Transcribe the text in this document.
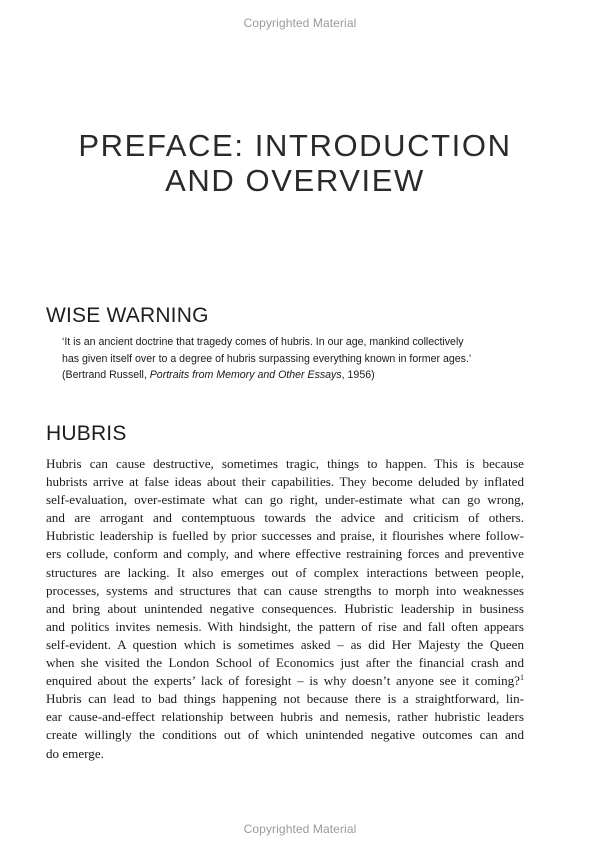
Copyrighted Material
PREFACE: INTRODUCTION
AND OVERVIEW
WISE WARNING

‘It is an ancient doctrine that tragedy comes of hubris. In our age, mankind collectively

has given itself over to a degree of hubris surpassing everything known in former ages.’

(Bertrand Russell, Portraits from Memory and Other Essays, 1956)

HUBRIS
Hubris can cause destructive, sometimes tragic, things to happen. This is because
hubrists arrive at false ideas about their capabilities. They become deluded by inflated
self-evaluation, over-estimate what can go right, under-estimate what can go wrong,
and are arrogant and contemptuous towards the advice and criticism of others.
Hubristic leadership is fuelled by prior successes and praise, it flourishes where follow-
ers collude, conform and comply, and where effective restraining forces and preventive
structures are lacking. It also emerges out of complex interactions between people,
processes, systems and structures that can cause strengths to morph into weaknesses
and bring about unintended negative consequences. Hubristic leadership in business
and politics invites nemesis. With hindsight, the pattern of rise and fall often appears
self-evident. A question which is sometimes asked – as did Her Majesty the Queen
when she visited the London School of Economics just after the financial crash and
enquired about the experts’ lack of foresight – is why doesn’t anyone see it coming?$^1$
Hubris can lead to bad things happening not because there is a straightforward, lin-
ear cause-and-effect relationship between hubris and nemesis, rather hubristic leaders
create willingly the conditions out of which unintended negative outcomes can and
do emerge.
Copyrighted Material
